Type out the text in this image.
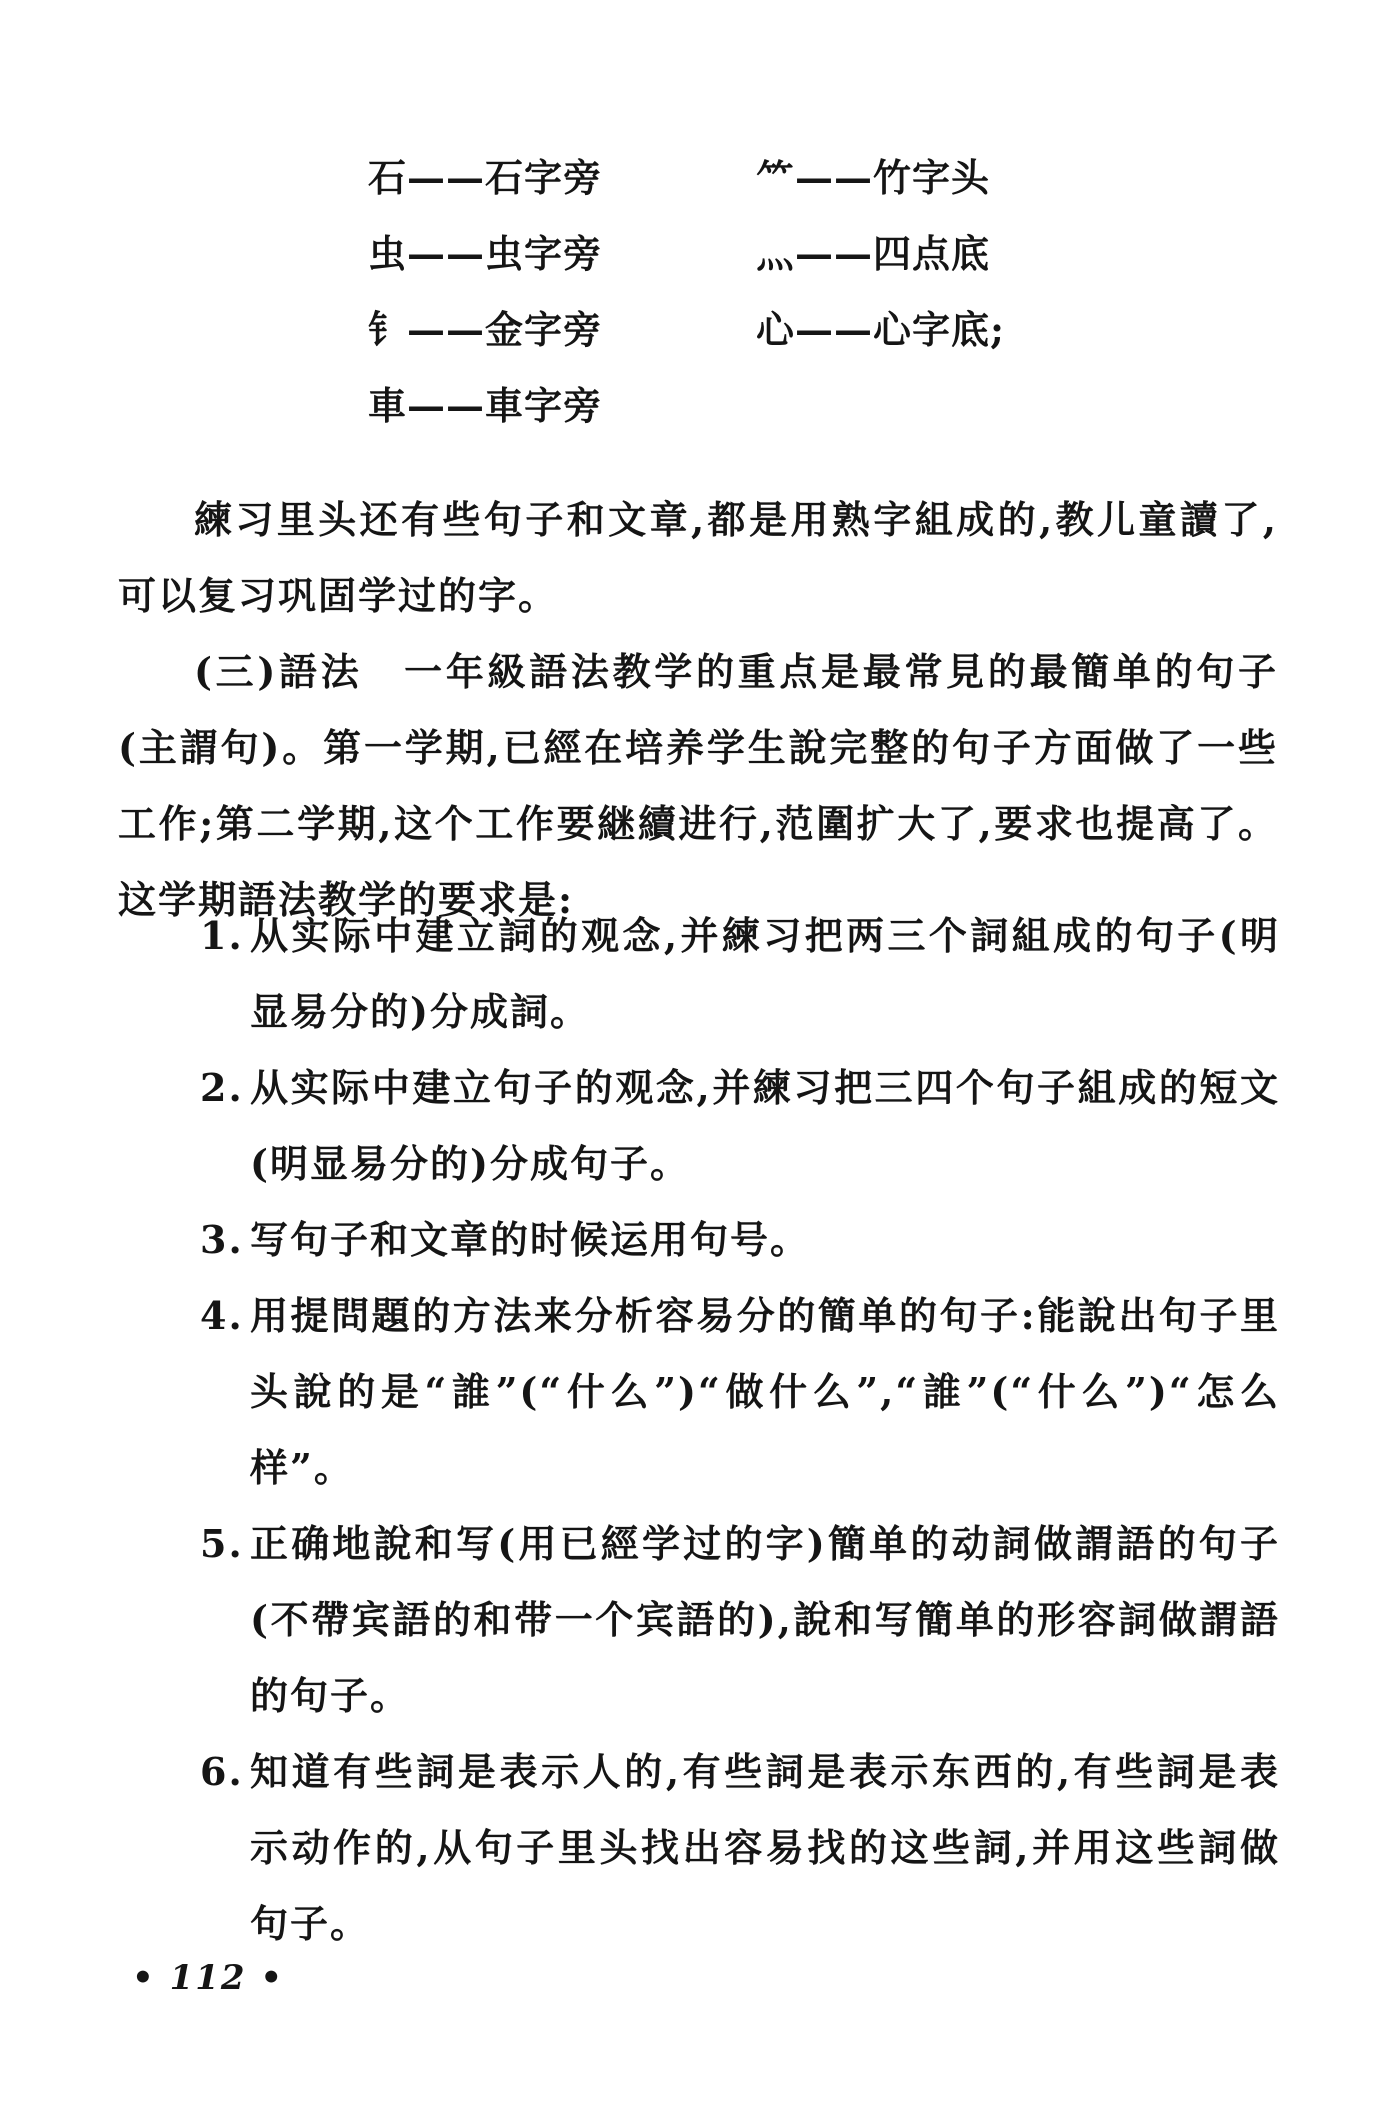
石——石字旁	⺮——竹字头
虫——虫字旁	灬——四点底
钅——金字旁	心——心字底;
車——車字旁

練习里头还有些句子和文章,都是用熟字組成的,教儿童讀了,可以复习巩固学过的字。

(三)語法　一年級語法教学的重点是最常見的最簡单的句子(主謂句)。第一学期,已經在培养学生說完整的句子方面做了一些工作;第二学期,这个工作要継續进行,范圍扩大了,要求也提高了。这学期語法教学的要求是:

1. 从实际中建立詞的观念,并練习把两三个詞組成的句子(明显易分的)分成詞。
2. 从实际中建立句子的观念,并練习把三四个句子組成的短文(明显易分的)分成句子。
3. 写句子和文章的时候运用句号。
4. 用提問題的方法来分析容易分的簡单的句子:能說出句子里头說的是“誰”(“什么”)“做什么”,“誰”(“什么”)“怎么样”。
5. 正确地說和写(用已經学过的字)簡单的动詞做謂語的句子(不帶宾語的和带一个宾語的),說和写簡单的形容詞做謂語的句子。
6. 知道有些詞是表示人的,有些詞是表示东西的,有些詞是表示动作的,从句子里头找出容易找的这些詞,并用这些詞做句子。
• 112 •
